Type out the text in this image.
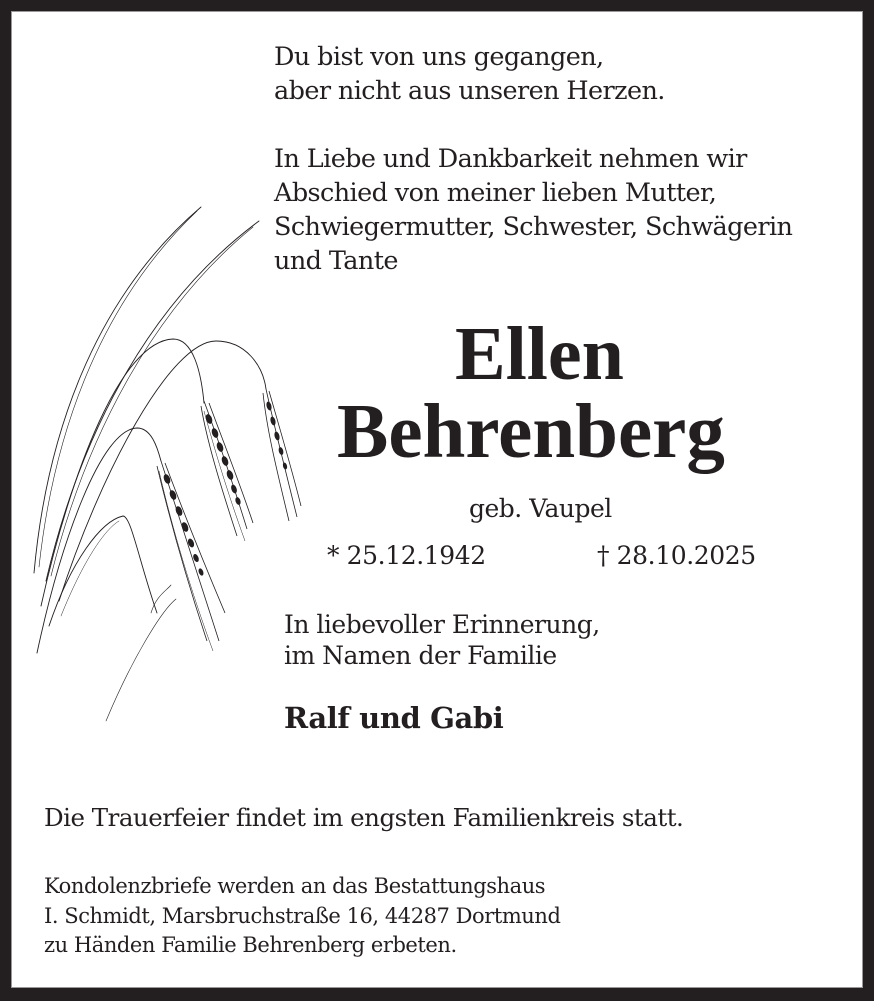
Du bist von uns gegangen,
aber nicht aus unseren Herzen.
In Liebe und Dankbarkeit nehmen wir
Abschied von meiner lieben Mutter,
Schwiegermutter, Schwester, Schwägerin
und Tante
Ellen
Behrenberg
geb. Vaupel
* 25.12.1942	† 28.10.2025
In liebevoller Erinnerung,
im Namen der Familie
Ralf und Gabi
Die Trauerfeier findet im engsten Familienkreis statt.
Kondolenzbriefe werden an das Bestattungshaus
I. Schmidt, Marsbruchstraße 16, 44287 Dortmund
zu Händen Familie Behrenberg erbeten.
